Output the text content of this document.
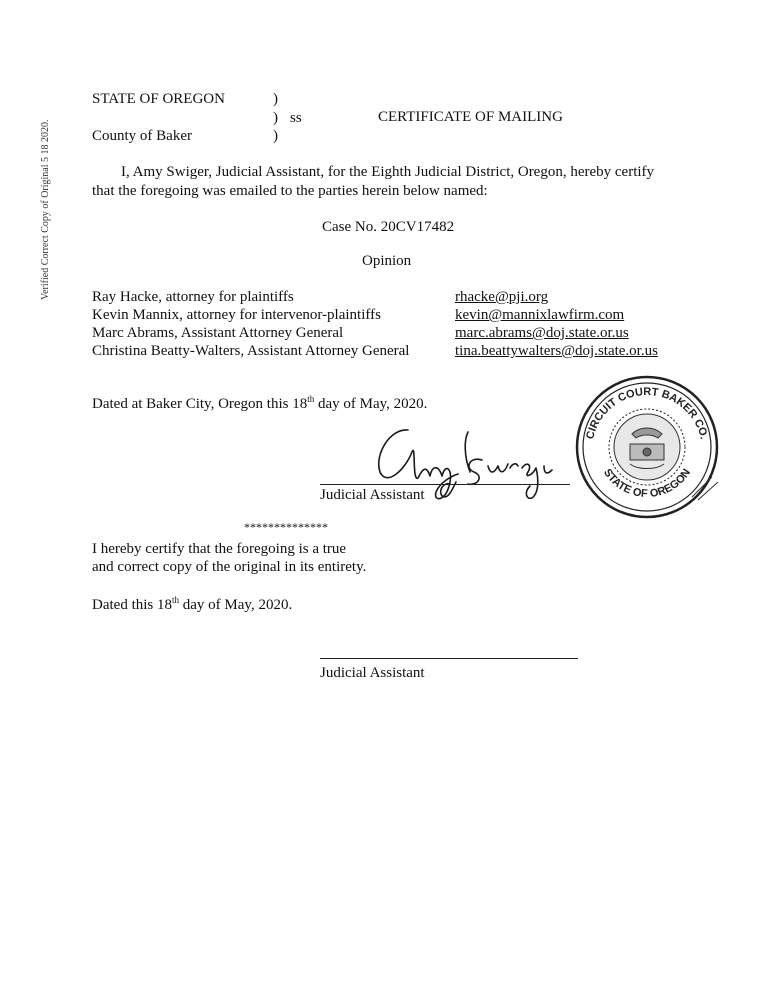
Verified Correct Copy of Original 5 18 2020.
STATE OF OREGON
County of Baker
)
)
)
ss	CERTIFICATE OF MAILING
I, Amy Swiger, Judicial Assistant, for the Eighth Judicial District, Oregon, hereby certify
that the foregoing was emailed to the parties herein below named:
Case No. 20CV17482
Opinion
Ray Hacke, attorney for plaintiffs	rhacke@pji.org
Kevin Mannix, attorney for intervenor-plaintiffs	kevin@mannixlawfirm.com
Marc Abrams, Assistant Attorney General	marc.abrams@doj.state.or.us
Christina Beatty-Walters, Assistant Attorney General	tina.beattywalters@doj.state.or.us
Dated at Baker City, Oregon this 18th day of May, 2020.
Judicial Assistant
CIRCUIT COURT BAKER CO.
STATE OF OREGON
**************
I hereby certify that the foregoing is a true
and correct copy of the original in its entirety.
Dated this 18th day of May, 2020.
Judicial Assistant
